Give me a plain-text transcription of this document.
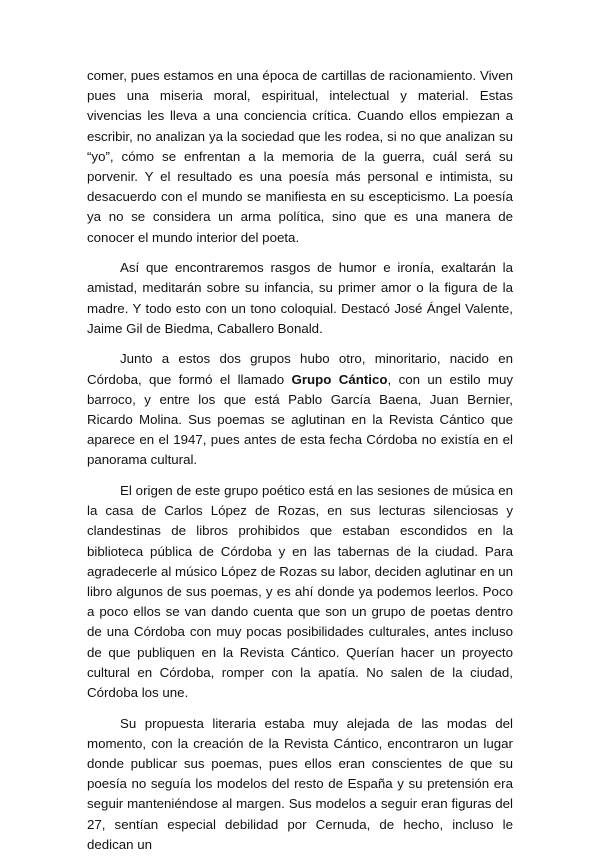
comer, pues estamos en una época de cartillas de racionamiento. Viven pues una miseria moral, espiritual, intelectual y material. Estas vivencias les lleva a una conciencia crítica. Cuando ellos empiezan a escribir, no analizan ya la sociedad que les rodea, si no que analizan su “yo”, cómo se enfrentan a la memoria de la guerra, cuál será su porvenir. Y el resultado es una poesía más personal e intimista, su desacuerdo con el mundo se manifiesta en su escepticismo. La poesía ya no se considera un arma política, sino que es una manera de conocer el mundo interior del poeta.

Así que encontraremos rasgos de humor e ironía, exaltarán la amistad, meditarán sobre su infancia, su primer amor o la figura de la madre. Y todo esto con un tono coloquial. Destacó José Ángel Valente, Jaime Gil de Biedma, Caballero Bonald.

Junto a estos dos grupos hubo otro, minoritario, nacido en Córdoba, que formó el llamado Grupo Cántico, con un estilo muy barroco, y entre los que está Pablo García Baena, Juan Bernier, Ricardo Molina. Sus poemas se aglutinan en la Revista Cántico que aparece en el 1947, pues antes de esta fecha Córdoba no existía en el panorama cultural.

El origen de este grupo poético está en las sesiones de música en la casa de Carlos López de Rozas, en sus lecturas silenciosas y clandestinas de libros prohibidos que estaban escondidos en la biblioteca pública de Córdoba y en las tabernas de la ciudad. Para agradecerle al músico López de Rozas su labor, deciden aglutinar en un libro algunos de sus poemas, y es ahí donde ya podemos leerlos. Poco a poco ellos se van dando cuenta que son un grupo de poetas dentro de una Córdoba con muy pocas posibilidades culturales, antes incluso de que publiquen en la Revista Cántico. Querían hacer un proyecto cultural en Córdoba, romper con la apatía. No salen de la ciudad, Córdoba los une.

Su propuesta literaria estaba muy alejada de las modas del momento, con la creación de la Revista Cántico, encontraron un lugar donde publicar sus poemas, pues ellos eran conscientes de que su poesía no seguía los modelos del resto de España y su pretensión era seguir manteniéndose al margen. Sus modelos a seguir eran figuras del 27, sentían especial debilidad por Cernuda, de hecho, incluso le dedican un
